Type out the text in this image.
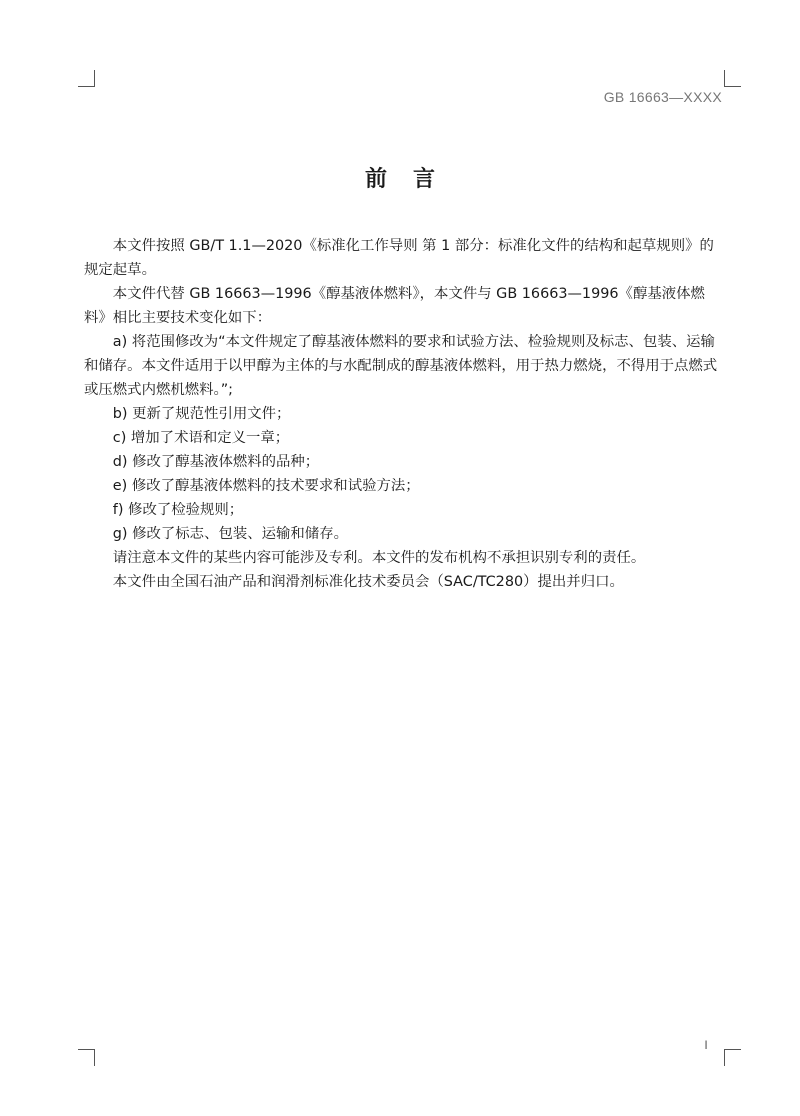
GB 16663—XXXX
前言

本文件按照 GB/T 1.1—2020《标准化工作导则 第 1 部分：标准化文件的结构和起草规则》的规定起草。

本文件代替 GB 16663—1996《醇基液体燃料》，本文件与 GB 16663—1996《醇基液体燃料》相比主要技术变化如下：

a) 将范围修改为“本文件规定了醇基液体燃料的要求和试验方法、检验规则及标志、包装、运输和储存。本文件适用于以甲醇为主体的与水配制成的醇基液体燃料，用于热力燃烧，不得用于点燃式或压燃式内燃机燃料。”;

b) 更新了规范性引用文件；

c) 增加了术语和定义一章；

d) 修改了醇基液体燃料的品种；

e) 修改了醇基液体燃料的技术要求和试验方法；

f) 修改了检验规则；

g) 修改了标志、包装、运输和储存。

请注意本文件的某些内容可能涉及专利。本文件的发布机构不承担识别专利的责任。

本文件由全国石油产品和润滑剂标准化技术委员会（SAC/TC280）提出并归口。

I
